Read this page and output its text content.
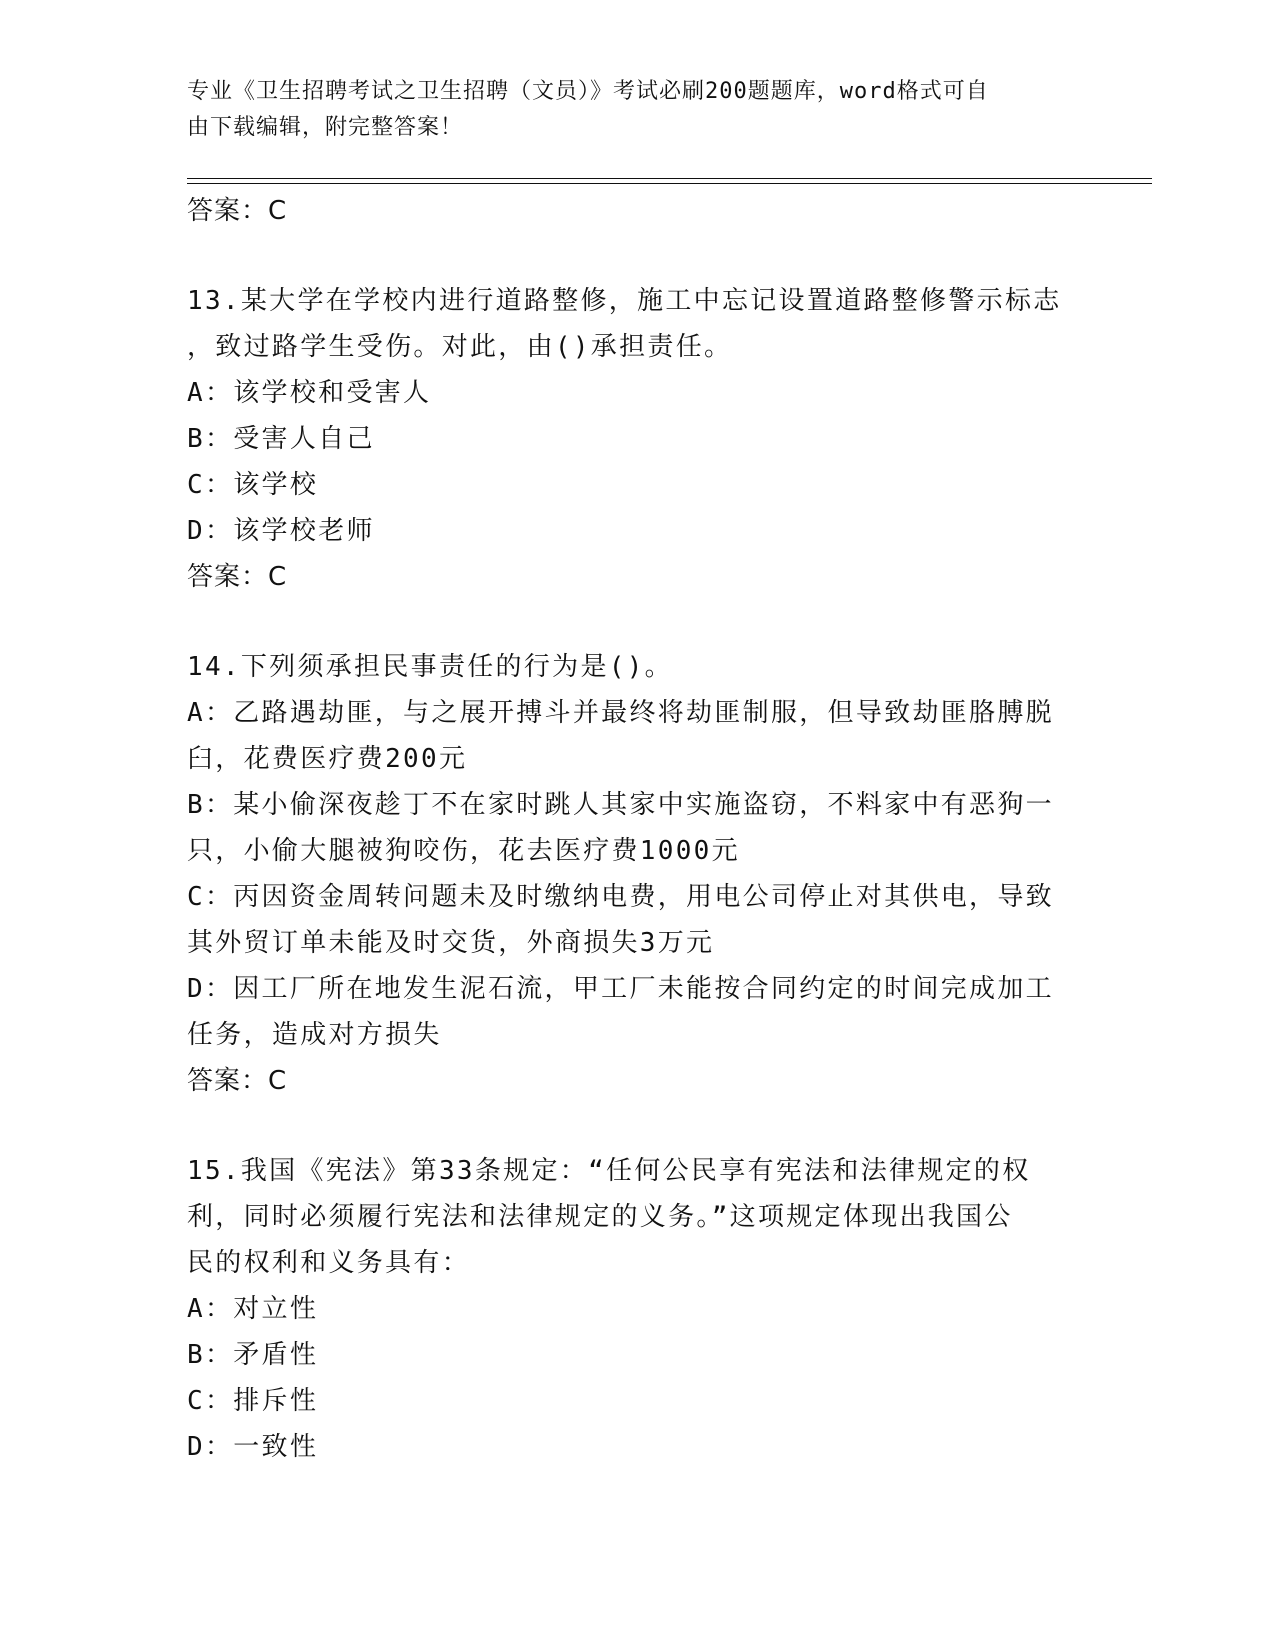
专业《卫生招聘考试之卫生招聘（文员）》考试必刷200题题库，word格式可自
由下载编辑，附完整答案！
答案：C
13.某大学在学校内进行道路整修，施工中忘记设置道路整修警示标志
，致过路学生受伤。对此，由()承担责任。
A：该学校和受害人
B：受害人自己
C：该学校
D：该学校老师
答案：C
14.下列须承担民事责任的行为是()。
A：乙路遇劫匪，与之展开搏斗并最终将劫匪制服，但导致劫匪胳膊脱
臼，花费医疗费200元
B：某小偷深夜趁丁不在家时跳人其家中实施盗窃，不料家中有恶狗一
只，小偷大腿被狗咬伤，花去医疗费1000元
C：丙因资金周转问题未及时缴纳电费，用电公司停止对其供电，导致
其外贸订单未能及时交货，外商损失3万元
D：因工厂所在地发生泥石流，甲工厂未能按合同约定的时间完成加工
任务，造成对方损失
答案：C
15.我国《宪法》第33条规定：“任何公民享有宪法和法律规定的权
利，同时必须履行宪法和法律规定的义务。”这项规定体现出我国公
民的权利和义务具有：
A：对立性
B：矛盾性
C：排斥性
D：一致性
